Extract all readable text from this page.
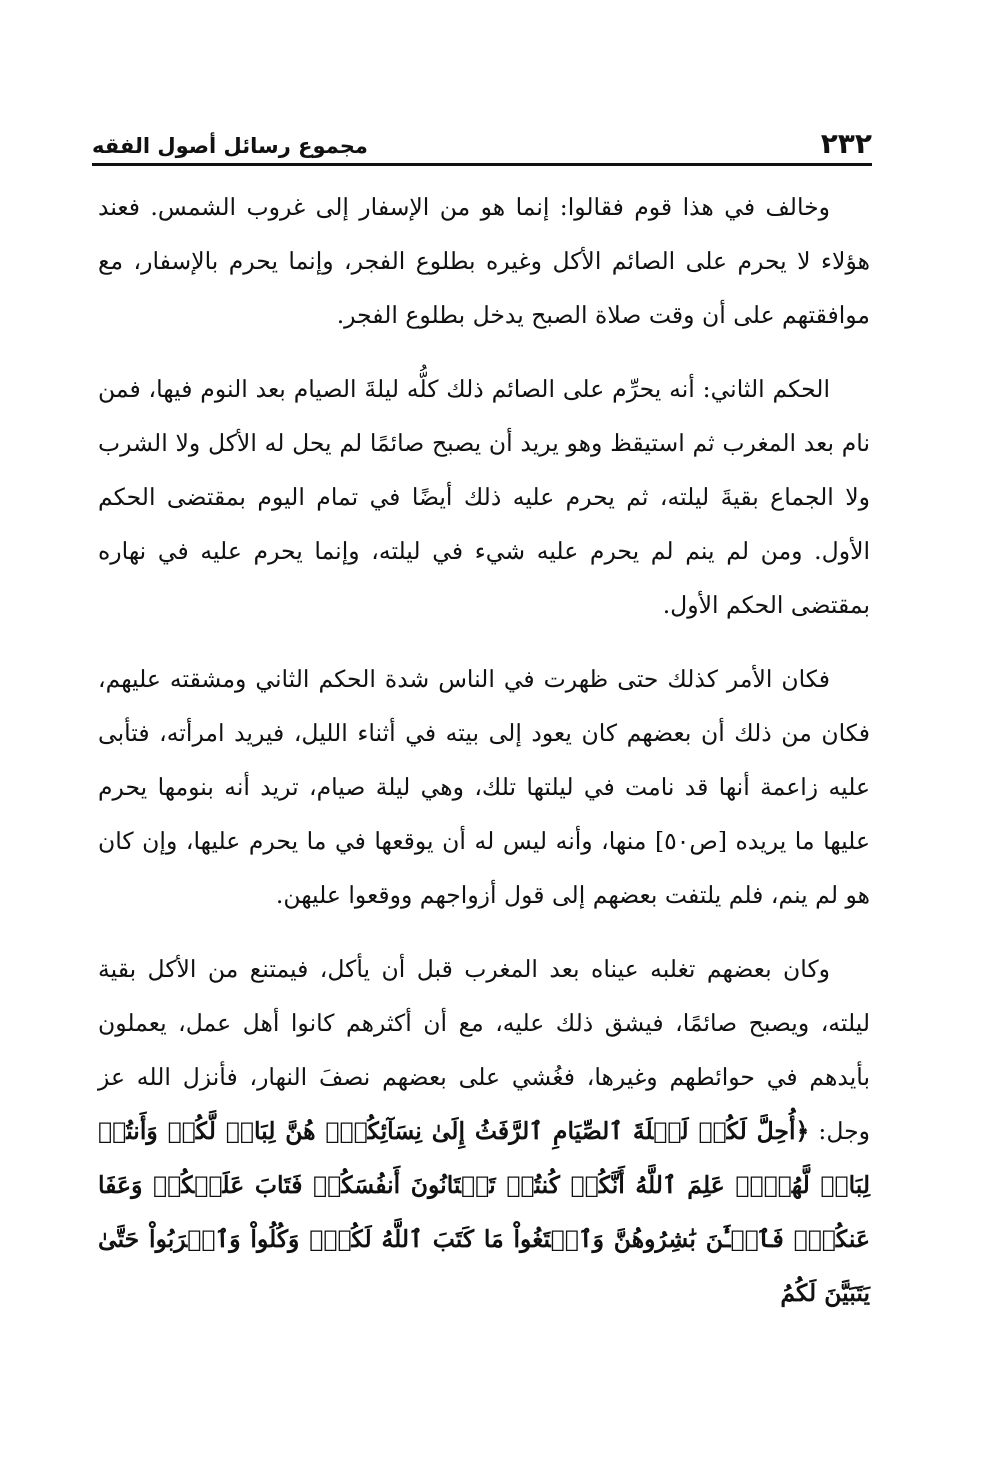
٢٣٢
مجموع رسائل أصول الفقه

وخالف في هذا قوم فقالوا: إنما هو من الإسفار إلى غروب الشمس. فعند هؤلاء لا يحرم على الصائم الأكل وغيره بطلوع الفجر، وإنما يحرم بالإسفار، مع موافقتهم على أن وقت صلاة الصبح يدخل بطلوع الفجر.

الحكم الثاني: أنه يحرِّم على الصائم ذلك كلُّه ليلةَ الصيام بعد النوم فيها، فمن نام بعد المغرب ثم استيقظ وهو يريد أن يصبح صائمًا لم يحل له الأكل ولا الشرب ولا الجماع بقيةَ ليلته، ثم يحرم عليه ذلك أيضًا في تمام اليوم بمقتضى الحكم الأول. ومن لم ينم لم يحرم عليه شيء في ليلته، وإنما يحرم عليه في نهاره بمقتضى الحكم الأول.

فكان الأمر كذلك حتى ظهرت في الناس شدة الحكم الثاني ومشقته عليهم، فكان من ذلك أن بعضهم كان يعود إلى بيته في أثناء الليل، فيريد امرأته، فتأبى عليه زاعمة أنها قد نامت في ليلتها تلك، وهي ليلة صيام، تريد أنه بنومها يحرم عليها ما يريده [ص٥٠] منها، وأنه ليس له أن يوقعها في ما يحرم عليها، وإن كان هو لم ينم، فلم يلتفت بعضهم إلى قول أزواجهم ووقعوا عليهن.

وكان بعضهم تغلبه عيناه بعد المغرب قبل أن يأكل، فيمتنع من الأكل بقية ليلته، ويصبح صائمًا، فيشق ذلك عليه، مع أن أكثرهم كانوا أهل عمل، يعملون بأيدهم في حوائطهم وغيرها، فغُشي على بعضهم نصفَ النهار، فأنزل الله عز وجل: ﴿أُحِلَّ لَكُمۡ لَيۡلَةَ ٱلصِّيَامِ ٱلرَّفَثُ إِلَىٰ نِسَآئِكُمۡۚ هُنَّ لِبَاسٞ لَّكُمۡ وَأَنتُمۡ لِبَاسٞ لَّهُنَّۗ عَلِمَ ٱللَّهُ أَنَّكُمۡ كُنتُمۡ تَخۡتَانُونَ أَنفُسَكُمۡ فَتَابَ عَلَيۡكُمۡ وَعَفَا عَنكُمۡۖ فَٱلۡـَٰٔنَ بَٰشِرُوهُنَّ وَٱبۡتَغُواْ مَا كَتَبَ ٱللَّهُ لَكُمۡۚ وَكُلُواْ وَٱشۡرَبُواْ حَتَّىٰ يَتَبَيَّنَ لَكُمُ
